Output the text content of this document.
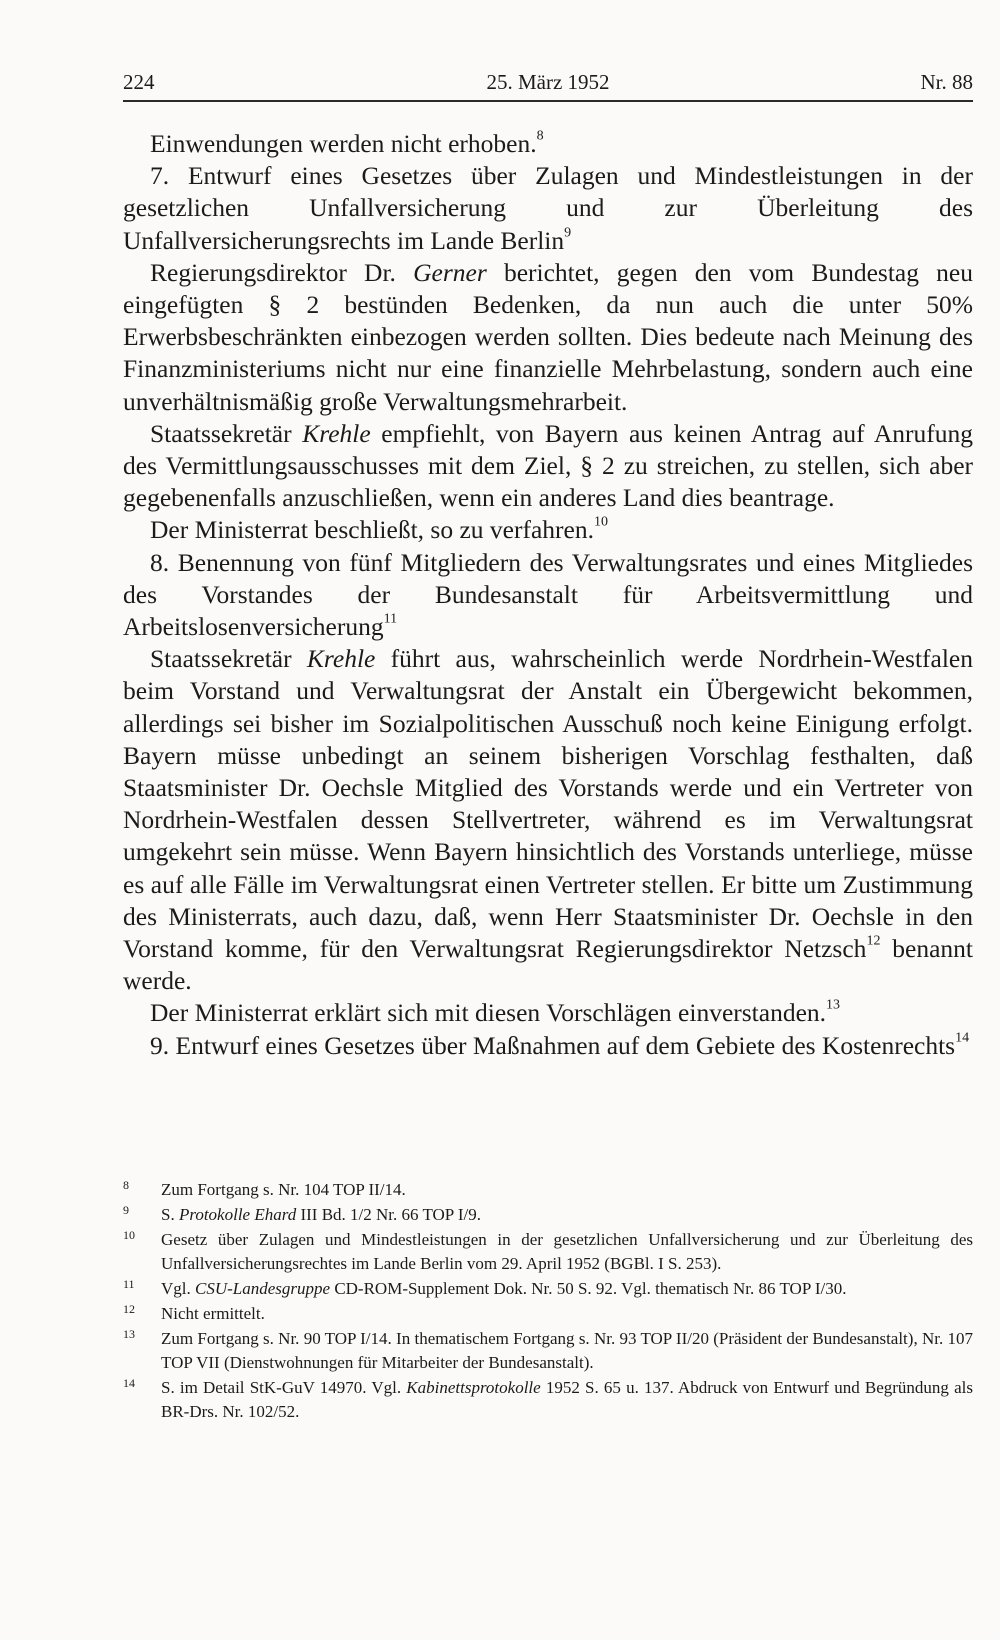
224	25. März 1952	Nr. 88

Einwendungen werden nicht erhoben.$^8$

7. Entwurf eines Gesetzes über Zulagen und Mindestleistungen in der gesetzlichen Unfallversicherung und zur Überleitung des Unfallversicherungsrechts im Lande Berlin$^9$

Regierungsdirektor Dr. Gerner berichtet, gegen den vom Bundestag neu eingefügten § 2 bestünden Bedenken, da nun auch die unter 50% Erwerbsbeschränkten einbezogen werden sollten. Dies bedeute nach Meinung des Finanzministeriums nicht nur eine finanzielle Mehrbelastung, sondern auch eine unverhältnismäßig große Verwaltungsmehrarbeit.

Staatssekretär Krehle empfiehlt, von Bayern aus keinen Antrag auf Anrufung des Vermittlungsausschusses mit dem Ziel, § 2 zu streichen, zu stellen, sich aber gegebenenfalls anzuschließen, wenn ein anderes Land dies beantrage.

Der Ministerrat beschließt, so zu verfahren.$^{10}$

8. Benennung von fünf Mitgliedern des Verwaltungsrates und eines Mitgliedes des Vorstandes der Bundesanstalt für Arbeitsvermittlung und Arbeitslosenversicherung$^{11}$

Staatssekretär Krehle führt aus, wahrscheinlich werde Nordrhein-Westfalen beim Vorstand und Verwaltungsrat der Anstalt ein Übergewicht bekommen, allerdings sei bisher im Sozialpolitischen Ausschuß noch keine Einigung erfolgt. Bayern müsse unbedingt an seinem bisherigen Vorschlag festhalten, daß Staatsminister Dr. Oechsle Mitglied des Vorstands werde und ein Vertreter von Nordrhein-Westfalen dessen Stellvertreter, während es im Verwaltungsrat umgekehrt sein müsse. Wenn Bayern hinsichtlich des Vorstands unterliege, müsse es auf alle Fälle im Verwaltungsrat einen Vertreter stellen. Er bitte um Zustimmung des Ministerrats, auch dazu, daß, wenn Herr Staatsminister Dr. Oechsle in den Vorstand komme, für den Verwaltungsrat Regierungsdirektor Netzsch$^{12}$ benannt werde.

Der Ministerrat erklärt sich mit diesen Vorschlägen einverstanden.$^{13}$

9. Entwurf eines Gesetzes über Maßnahmen auf dem Gebiete des Kostenrechts$^{14}$

8 Zum Fortgang s. Nr. 104 TOP II/14.

9 S. Protokolle Ehard III Bd. 1/2 Nr. 66 TOP I/9.

10 Gesetz über Zulagen und Mindestleistungen in der gesetzlichen Unfallversicherung und zur Überleitung des Unfallversicherungsrechtes im Lande Berlin vom 29. April 1952 (BGBl. I S. 253).

11 Vgl. CSU-Landesgruppe CD-ROM-Supplement Dok. Nr. 50 S. 92. Vgl. thematisch Nr. 86 TOP I/30.

12 Nicht ermittelt.

13 Zum Fortgang s. Nr. 90 TOP I/14. In thematischem Fortgang s. Nr. 93 TOP II/20 (Präsident der Bundesanstalt), Nr. 107 TOP VII (Dienstwohnungen für Mitarbeiter der Bundesanstalt).

14 S. im Detail StK-GuV 14970. Vgl. Kabinettsprotokolle 1952 S. 65 u. 137. Abdruck von Entwurf und Begründung als BR-Drs. Nr. 102/52.
